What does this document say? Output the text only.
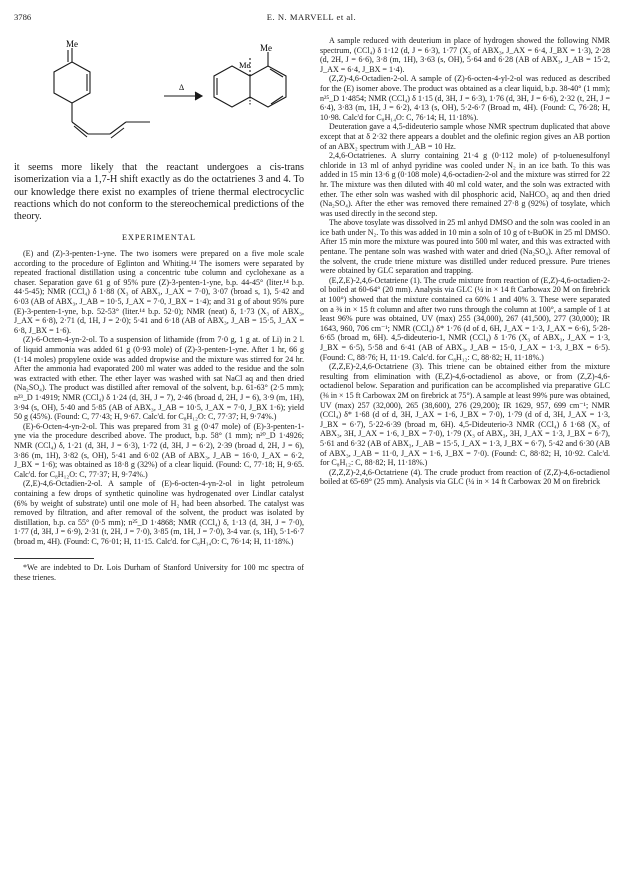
3786	E. N. MARVELL et al.
Me	Me
Me
Δ

it seems more likely that the reactant undergoes a cis-trans isomerization via a 1,7-H shift exactly as do the octatrienes 3 and 4. To our knowledge there exist no examples of triene thermal electrocyclic reactions which do not conform to the stereochemical predictions of the theory.

EXPERIMENTAL

(E) and (Z)-3-penten-1-yne. The two isomers were prepared on a five mole scale according to the procedure of Eglinton and Whiting.¹⁴ The isomers were separated by repeated fractional distillation using a concentric tube column and cyclohexane as a chaser. Separation gave 61 g of 95% pure (Z)-3-penten-1-yne, b.p. 44-45° (liter.¹⁴ b.p. 44·5-45); NMR (CCl₄) δ 1·88 (X₃ of ABX₃, J_AX = 7·0), 3·07 (broad s, 1), 5·42 and 6·03 (AB of ABX₃, J_AB = 10·5, J_AX = 7·0, J_BX = 1·4); and 31 g of about 95% pure (E)-3-penten-1-yne, b.p. 52-53° (liter.¹⁴ b.p. 52·0); NMR (neat) δ, 1·73 (X₃ of ABX₃, J_AX = 6·8), 2·71 (d, 1H, J = 2·0); 5·41 and 6·18 (AB of ABX₃, J_AB = 15·5, J_AX = 6·8, J_BX = 1·6).

(Z)-6-Octen-4-yn-2-ol. To a suspension of lithamide (from 7·0 g, 1 g at. of Li) in 2 l. of liquid ammonia was added 61 g (0·93 mole) of (Z)-3-penten-1-yne. After 1 hr, 66 g (1·14 moles) propylene oxide was added dropwise and the mixture was stirred for 24 hr. After the ammonia had evaporated 200 ml water was added to the residue and the soln was extracted with ether. The ether layer was washed with sat NaCl aq and then dried (Na₂SO₄). The product was distilled after removal of the solvent, b.p. 61-63° (2·5 mm); n²³_D 1·4919; NMR (CCl₄) δ 1·24 (d, 3H, J = 7), 2·46 (broad d, 2H, J = 6), 3·9 (m, 1H), 3·94 (s, OH), 5·40 and 5·85 (AB of ABX₃, J_AB = 10·5, J_AX = 7·0, J_BX 1·6); yield 50 g (45%). (Found: C, 77·43; H, 9·67. Calc'd. for C₈H₁₂O: C, 77·37; H, 9·74%.)

(E)-6-Octen-4-yn-2-ol. This was prepared from 31 g (0·47 mole) of (E)-3-penten-1-yne via the procedure described above. The product, b.p. 58° (1 mm); n²⁰_D 1·4926; NMR (CCl₄) δ, 1·21 (d, 3H, J = 6·3), 1·72 (d, 3H, J = 6·2), 2·39 (broad d, 2H, J = 6), 3·86 (m, 1H), 3·82 (s, OH), 5·41 and 6·02 (AB of ABX₃, J_AB = 16·0, J_AX = 6·2, J_BX = 1·6); was obtained as 18·8 g (32%) of a clear liquid. (Found: C, 77·18; H, 9·65. Calc'd. for C₈H₁₂O: C, 77·37; H, 9·74%.)

(Z,E)-4,6-Octadien-2-ol. A sample of (E)-6-octen-4-yn-2-ol in light petroleum containing a few drops of synthetic quinoline was hydrogenated over Lindlar catalyst (6% by weight of substrate) until one mole of H₂ had been absorbed. The catalyst was removed by filtration, and after removal of the solvent, the product was isolated by distillation, b.p. ca 55° (0·5 mm); n²⁵_D 1·4868; NMR (CCl₄) δ, 1·13 (d, 3H, J = 7·0), 1·77 (d, 3H, J = 6·9), 2·31 (t, 2H, J = 7·0), 3·85 (m, 1H, J = 7·0), 3-4 var. (s, 1H), 5·1-6·7 (broad m, 4H). (Found: C, 76·01; H, 11·15. Calc'd. for C₈H₁₄O: C, 76·14; H, 11·18%.)

*We are indebted to Dr. Lois Durham of Stanford University for 100 mc spectra of these trienes.

A sample reduced with deuterium in place of hydrogen showed the following NMR spectrum, (CCl₄) δ 1·12 (d, J = 6·3), 1·77 (X₃ of ABX₃, J_AX = 6·4, J_BX = 1·3), 2·28 (d, 2H, J = 6·6), 3·8 (m, 1H), 3·63 (s, OH), 5·64 and 6·28 (AB of ABX₃, J_AB = 15·2, J_AX = 6·4, J_BX = 1·4).

(Z,Z)-4,6-Octadien-2-ol. A sample of (Z)-6-octen-4-yl-2-ol was reduced as described for the (E) isomer above. The product was obtained as a clear liquid, b.p. 38-40° (1 mm); n²⁵_D 1·4854; NMR (CCl₄) δ 1·15 (d, 3H, J = 6·3), 1·76 (d, 3H, J = 6·6), 2·32 (t, 2H, J = 6·4), 3·83 (m, 1H, J = 6·2), 4·13 (s, OH), 5·2-6·7 (Broad m, 4H). (Found: C, 76·28; H, 10·98. Calc'd for C₈H₁₄O: C, 76·14; H, 11·18%).

Deuteration gave a 4,5-dideuterio sample whose NMR spectrum duplicated that above except that at δ 2·32 there appears a doublet and the olefinic region gives an AB portion of an ABX₂ spectrum with J_AB = 10 Hz.

2,4,6-Octatrienes. A slurry containing 21·4 g (0·112 mole) of p-toluenesulfonyl chloride in 13 ml of anhyd pyridine was cooled under N₂ in an ice bath. To this was added in 15 min 13·6 g (0·108 mole) 4,6-octadien-2-ol and the mixture was stirred for 22 hr. The mixture was then diluted with 40 ml cold water, and the soln was extracted with ether. The ether soln was washed with dil phosphoric acid, NaHCO₃ aq and then dried (Na₂SO₄). After the ether was removed there remained 27·8 g (92%) of tosylate, which was used directly in the second step.

The above tosylate was dissolved in 25 ml anhyd DMSO and the soln was cooled in an ice bath under N₂. To this was added in 10 min a soln of 10 g of t-BuOK in 25 ml DMSO. After 15 min more the mixture was poured into 500 ml water, and this was extracted with pentane. The pentane soln was washed with water and dried (Na₂SO₄). After removal of the solvent, the crude triene mixture was distilled under reduced pressure. Pure trienes were obtained by GLC separation and trapping.

(E,Z,E)-2,4,6-Octatriene (1). The crude mixture from reaction of (E,Z)-4,6-octadien-2-ol boiled at 60-64° (20 mm). Analysis via GLC (¼ in × 14 ft Carbowax 20 M on firebrick at 100°) showed that the mixture contained ca 60% 1 and 40% 3. These were separated on a ⅜ in × 15 ft column and after two runs through the column at 100°, a sample of 1 at least 96% pure was obtained, UV (max) 255 (34,000), 267 (41,500), 277 (30,000); IR 1643, 960, 706 cm⁻¹; NMR (CCl₄) δ* 1·76 (d of d, 6H, J_AX = 1·3, J_AX = 6·6), 5·28-6·65 (broad m, 6H). 4,5-dideuterio-1, NMR (CCl₄) δ 1·76 (X₃ of ABX₃, J_AX = 1·3, J_BX = 6·5), 5·58 and 6·41 (AB of ABX₃, J_AB = 15·0, J_AX = 1·3, J_BX = 6·5). (Found: C, 88·76; H, 11·19. Calc'd. for C₈H₁₂: C, 88·82; H, 11·18%.)

(Z,Z,E)-2,4,6-Octatriene (3). This triene can be obtained either from the mixture resulting from elimination with (E,Z)-4,6-octadienol as above, or from (Z,Z)-4,6-octadienol below. Separation and purification can be accomplished via preparative GLC (⅜ in × 15 ft Carbowax 2M on firebrick at 75°). A sample at least 99% pure was obtained, UV (max) 257 (32,000), 265 (38,600), 276 (29,200); IR 1629, 957, 699 cm⁻¹; NMR (CCl₄) δ* 1·68 (d of d, 3H, J_AX = 1·6, J_BX = 7·0), 1·79 (d of d, 3H, J_AX = 1·3, J_BX = 6·7), 5·22-6·39 (broad m, 6H). 4,5-Dideuterio-3 NMR (CCl₄) δ 1·68 (X₃ of ABX₃, 3H, J_AX = 1·6, J_BX = 7·0), 1·79 (X₃ of ABX₃, 3H, J_AX = 1·3, J_BX = 6·7), 5·61 and 6·32 (AB of ABX₃, J_AB = 15·5, J_AX = 1·3, J_BX = 6·7), 5·42 and 6·30 (AB of ABX₃, J_AB = 11·0, J_AX = 1·6, J_BX = 7·0). (Found: C, 88·82; H, 10·92. Calc'd. for C₈H₁₂: C, 88·82; H, 11·18%.)

(Z,Z,Z)-2,4,6-Octatriene (4). The crude product from reaction of (Z,Z)-4,6-octadienol boiled at 65-69° (25 mm). Analysis via GLC (¼ in × 14 ft Carbowax 20 M on firebrick
